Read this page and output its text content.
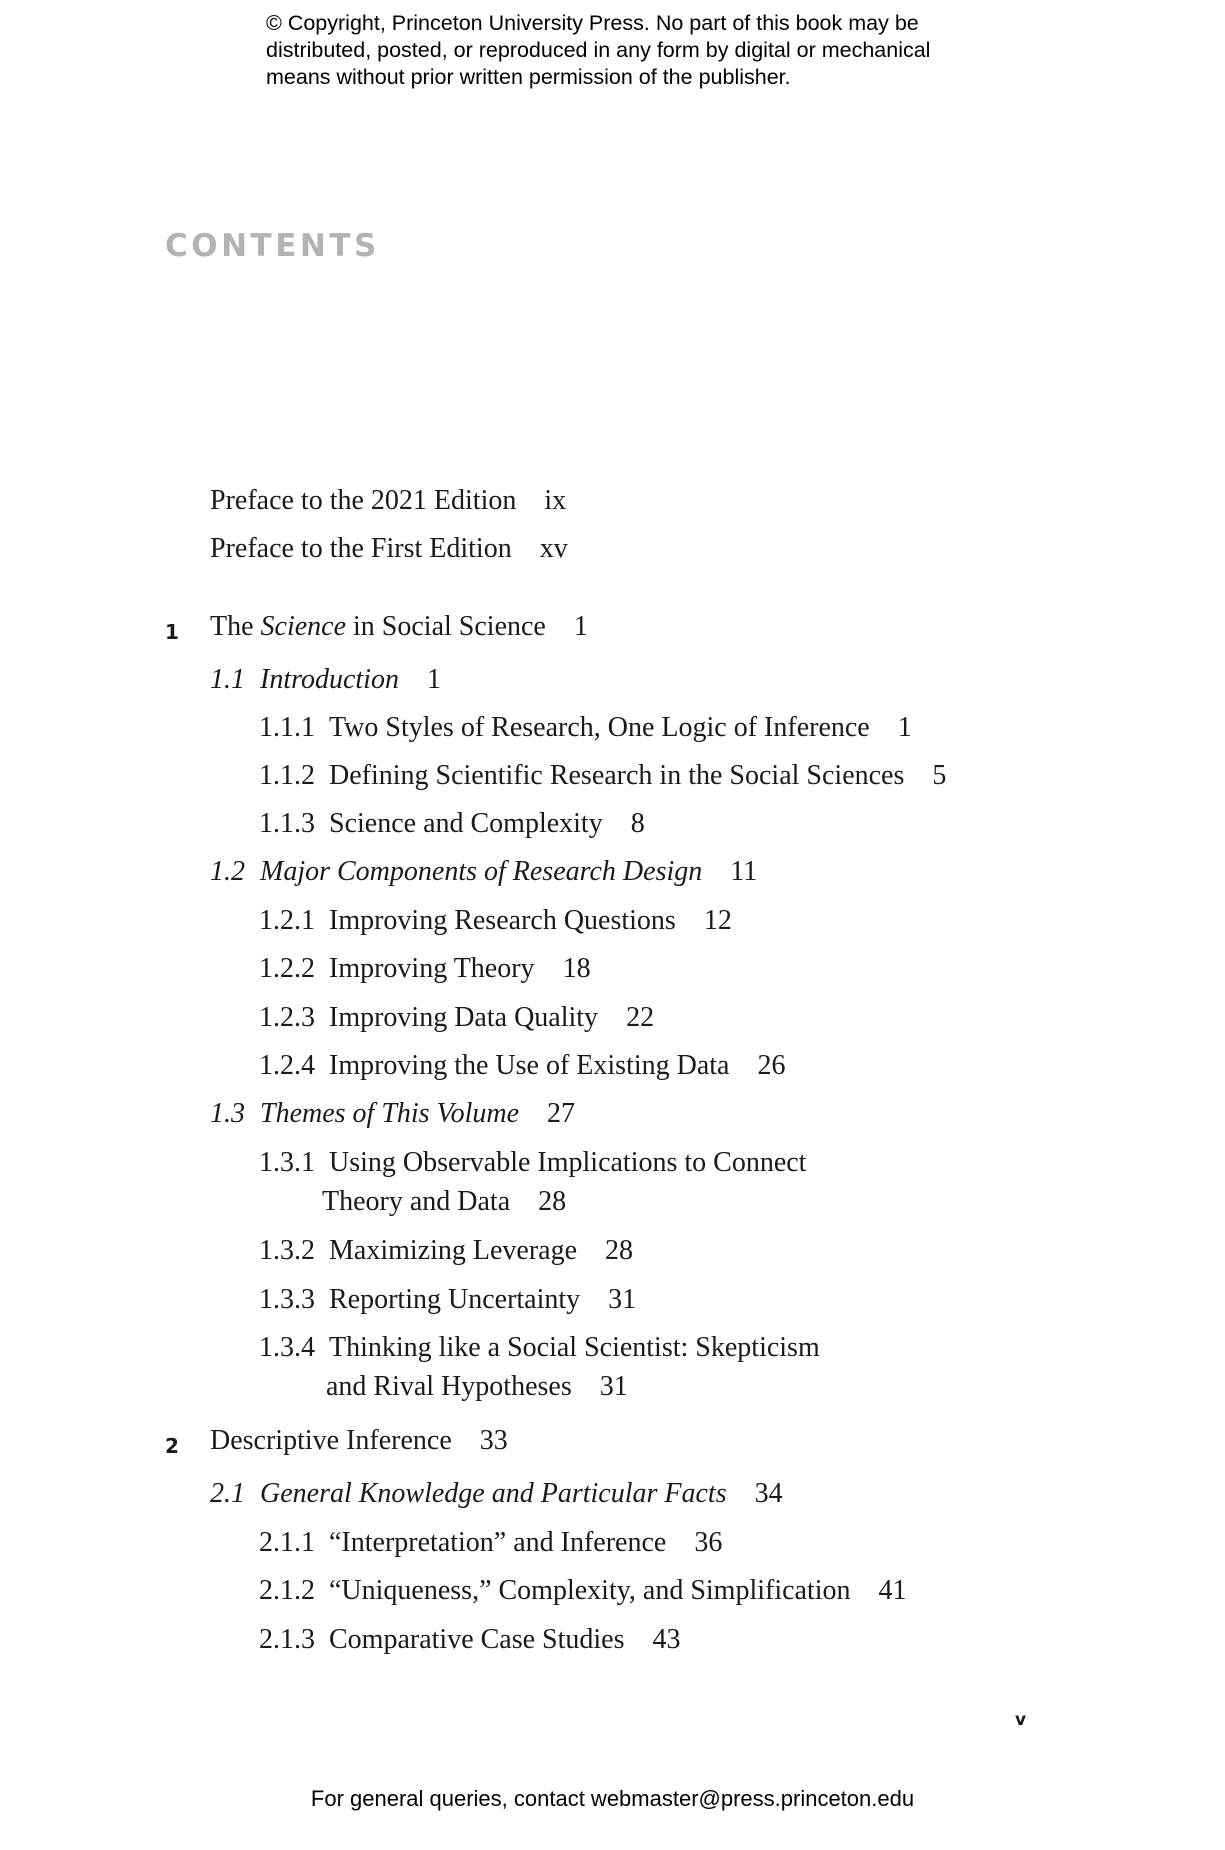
© Copyright, Princeton University Press. No part of this book may be
distributed, posted, or reproduced in any form by digital or mechanical
means without prior written permission of the publisher.
CONTENTS
Preface to the 2021 Edition ix
Preface to the First Edition xv
1 The Science in Social Science 1
1.1 Introduction 1
1.1.1 Two Styles of Research, One Logic of Inference 1
1.1.2 Defining Scientific Research in the Social Sciences 5
1.1.3 Science and Complexity 8
1.2 Major Components of Research Design 11
1.2.1 Improving Research Questions 12
1.2.2 Improving Theory 18
1.2.3 Improving Data Quality 22
1.2.4 Improving the Use of Existing Data 26
1.3 Themes of This Volume 27
1.3.1 Using Observable Implications to Connect
Theory and Data 28
1.3.2 Maximizing Leverage 28
1.3.3 Reporting Uncertainty 31
1.3.4 Thinking like a Social Scientist: Skepticism
and Rival Hypotheses 31
2 Descriptive Inference 33
2.1 General Knowledge and Particular Facts 34
2.1.1 “Interpretation” and Inference 36
2.1.2 “Uniqueness,” Complexity, and Simplification 41
2.1.3 Comparative Case Studies 43
v
For general queries, contact webmaster@press.princeton.edu
